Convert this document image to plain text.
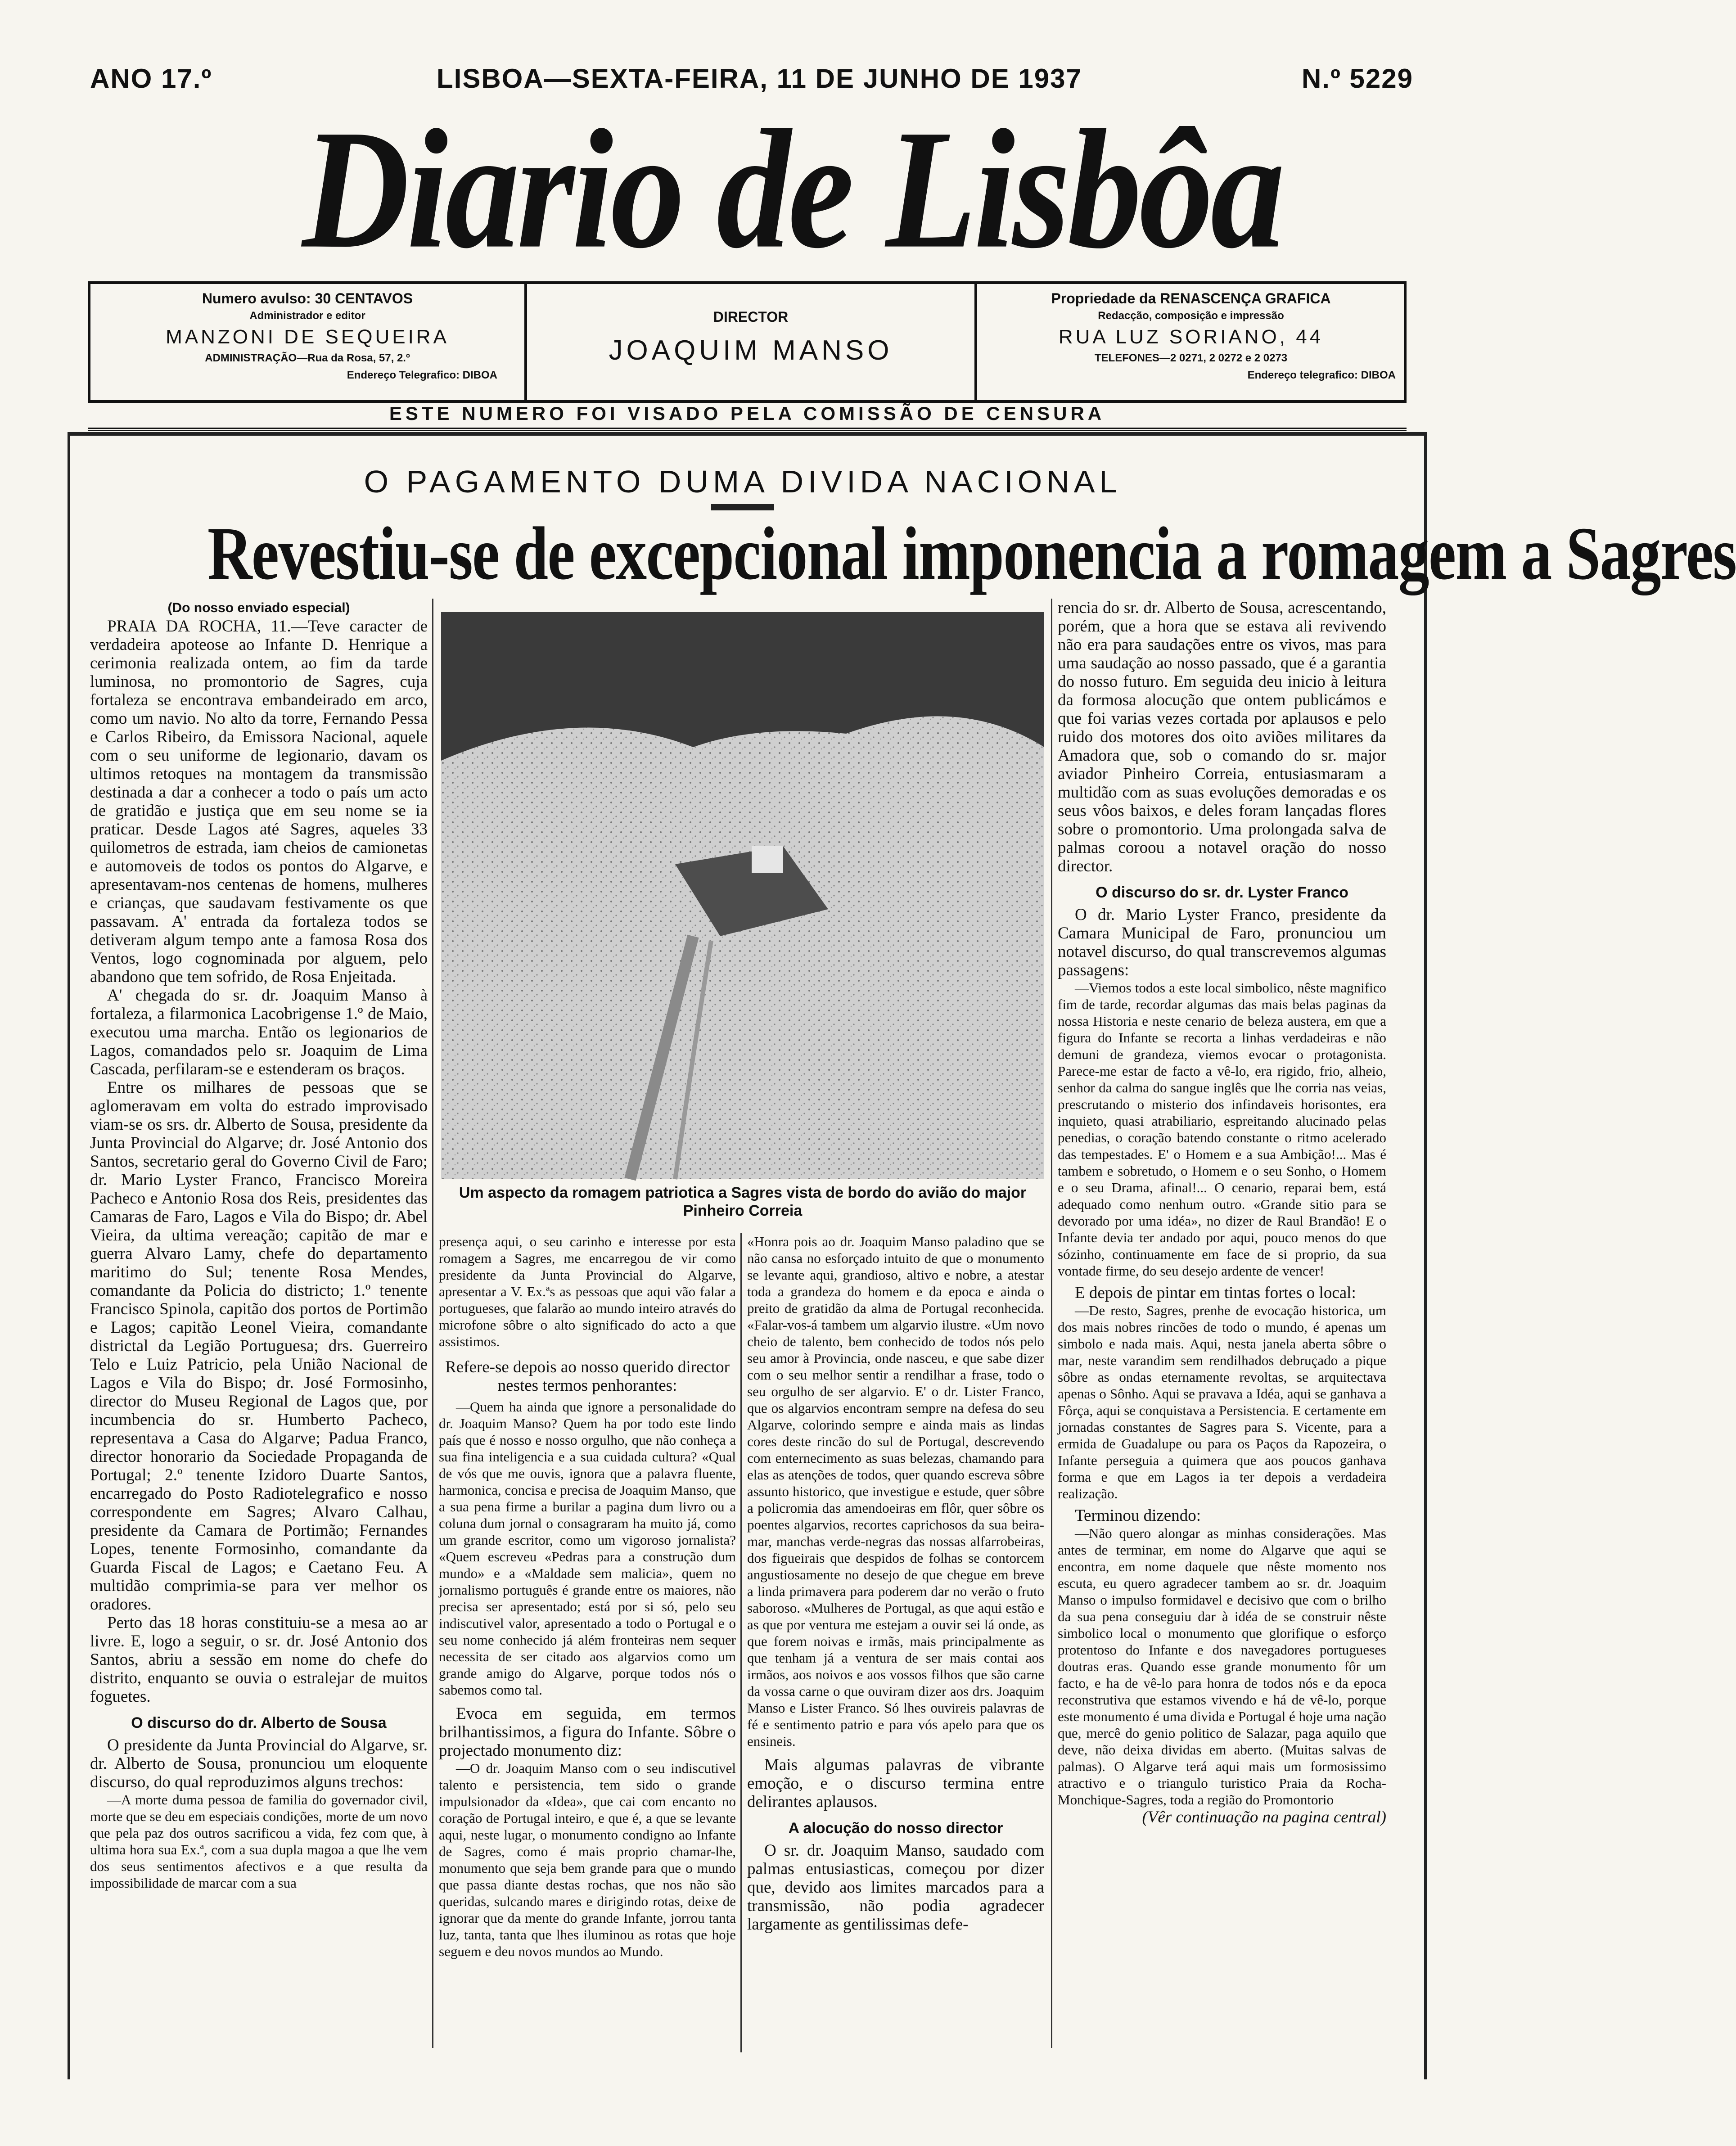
ANO 17.º	LISBOA—SEXTA-FEIRA, 11 DE JUNHO DE 1937	N.º 5229
Diario de Lisbôa
Numero avulso: 30 CENTAVOS
Administrador e editor
MANZONI DE SEQUEIRA
ADMINISTRAÇÃO—Rua da Rosa, 57, 2.º
Endereço Telegrafico: DIBOA
DIRECTOR
JOAQUIM MANSO
Propriedade da RENASCENÇA GRAFICA
Redacção, composição e impressão
RUA LUZ SORIANO, 44
TELEFONES—2 0271, 2 0272 e 2 0273
Endereço telegrafico: DIBOA
ESTE NUMERO FOI VISADO PELA COMISSÃO DE CENSURA
O PAGAMENTO DUMA DIVIDA NACIONAL
Revestiu-se de excepcional imponencia a romagem a Sagres

(Do nosso enviado especial)

PRAIA DA ROCHA, 11.—Teve caracter de verdadeira apoteose ao Infante D. Henrique a cerimonia realizada ontem, ao fim da tarde luminosa, no promontorio de Sagres, cuja fortaleza se encontrava embandeirado em arco, como um navio. No alto da torre, Fernando Pessa e Carlos Ribeiro, da Emissora Nacional, aquele com o seu uniforme de legionario, davam os ultimos retoques na montagem da transmissão destinada a dar a conhecer a todo o país um acto de gratidão e justiça que em seu nome se ia praticar. Desde Lagos até Sagres, aqueles 33 quilometros de estrada, iam cheios de camionetas e automoveis de todos os pontos do Algarve, e apresentavam-nos centenas de homens, mulheres e crianças, que saudavam festivamente os que passavam. A' entrada da fortaleza todos se detiveram algum tempo ante a famosa Rosa dos Ventos, logo cognominada por alguem, pelo abandono que tem sofrido, de Rosa Enjeitada.

A' chegada do sr. dr. Joaquim Manso à fortaleza, a filarmonica Lacobrigense 1.º de Maio, executou uma marcha. Então os legionarios de Lagos, comandados pelo sr. Joaquim de Lima Cascada, perfilaram-se e estenderam os braços.

Entre os milhares de pessoas que se aglomeravam em volta do estrado improvisado viam-se os srs. dr. Alberto de Sousa, presidente da Junta Provincial do Algarve; dr. José Antonio dos Santos, secretario geral do Governo Civil de Faro; dr. Mario Lyster Franco, Francisco Moreira Pacheco e Antonio Rosa dos Reis, presidentes das Camaras de Faro, Lagos e Vila do Bispo; dr. Abel Vieira, da ultima vereação; capitão de mar e guerra Alvaro Lamy, chefe do departamento maritimo do Sul; tenente Rosa Mendes, comandante da Policia do districto; 1.º tenente Francisco Spinola, capitão dos portos de Portimão e Lagos; capitão Leonel Vieira, comandante districtal da Legião Portuguesa; drs. Guerreiro Telo e Luiz Patricio, pela União Nacional de Lagos e Vila do Bispo; dr. José Formosinho, director do Museu Regional de Lagos que, por incumbencia do sr. Humberto Pacheco, representava a Casa do Algarve; Padua Franco, director honorario da Sociedade Propaganda de Portugal; 2.º tenente Izidoro Duarte Santos, encarregado do Posto Radiotelegrafico e nosso correspondente em Sagres; Alvaro Calhau, presidente da Camara de Portimão; Fernandes Lopes, tenente Formosinho, comandante da Guarda Fiscal de Lagos; e Caetano Feu. A multidão comprimia-se para ver melhor os oradores.

Perto das 18 horas constituiu-se a mesa ao ar livre. E, logo a seguir, o sr. dr. José Antonio dos Santos, abriu a sessão em nome do chefe do distrito, enquanto se ouvia o estralejar de muitos foguetes.

O discurso do dr. Alberto de Sousa

O presidente da Junta Provincial do Algarve, sr. dr. Alberto de Sousa, pronunciou um eloquente discurso, do qual reproduzimos alguns trechos:

—A morte duma pessoa de familia do governador civil, morte que se deu em especiais condições, morte de um novo que pela paz dos outros sacrificou a vida, fez com que, à ultima hora sua Ex.ª, com a sua dupla magoa a que lhe vem dos seus sentimentos afectivos e a que resulta da impossibilidade de marcar com a sua

Um aspecto da romagem patriotica a Sagres vista de bordo do avião do major Pinheiro Correia

presença aqui, o seu carinho e interesse por esta romagem a Sagres, me encarregou de vir como presidente da Junta Provincial do Algarve, apresentar a V. Ex.ªs as pessoas que aqui vão falar a portugueses, que falarão ao mundo inteiro através do microfone sôbre o alto significado do acto a que assistimos.

Refere-se depois ao nosso querido director nestes termos penhorantes:

—Quem ha ainda que ignore a personalidade do dr. Joaquim Manso? Quem ha por todo este lindo país que é nosso e nosso orgulho, que não conheça a sua fina inteligencia e a sua cuidada cultura? «Qual de vós que me ouvis, ignora que a palavra fluente, harmonica, concisa e precisa de Joaquim Manso, que a sua pena firme a burilar a pagina dum livro ou a coluna dum jornal o consagraram ha muito já, como um grande escritor, como um vigoroso jornalista? «Quem escreveu «Pedras para a construção dum mundo» e a «Maldade sem malicia», quem no jornalismo português é grande entre os maiores, não precisa ser apresentado; está por si só, pelo seu indiscutivel valor, apresentado a todo o Portugal e o seu nome conhecido já além fronteiras nem sequer necessita de ser citado aos algarvios como um grande amigo do Algarve, porque todos nós o sabemos como tal.

Evoca em seguida, em termos brilhantissimos, a figura do Infante. Sôbre o projectado monumento diz:

—O dr. Joaquim Manso com o seu indiscutivel talento e persistencia, tem sido o grande impulsionador da «Idea», que cai com encanto no coração de Portugal inteiro, e que é, a que se levante aqui, neste lugar, o monumento condigno ao Infante de Sagres, como é mais proprio chamar-lhe, monumento que seja bem grande para que o mundo que passa diante destas rochas, que nos não são queridas, sulcando mares e dirigindo rotas, deixe de ignorar que da mente do grande Infante, jorrou tanta luz, tanta, tanta que lhes iluminou as rotas que hoje seguem e deu novos mundos ao Mundo.

«Honra pois ao dr. Joaquim Manso paladino que se não cansa no esforçado intuito de que o monumento se levante aqui, grandioso, altivo e nobre, a atestar toda a grandeza do homem e da epoca e ainda o preito de gratidão da alma de Portugal reconhecida. «Falar-vos-á tambem um algarvio ilustre. «Um novo cheio de talento, bem conhecido de todos nós pelo seu amor à Provincia, onde nasceu, e que sabe dizer com o seu melhor sentir a rendilhar a frase, todo o seu orgulho de ser algarvio. E' o dr. Lister Franco, que os algarvios encontram sempre na defesa do seu Algarve, colorindo sempre e ainda mais as lindas cores deste rincão do sul de Portugal, descrevendo com enternecimento as suas belezas, chamando para elas as atenções de todos, quer quando escreva sôbre assunto historico, que investigue e estude, quer sôbre a policromia das amendoeiras em flôr, quer sôbre os poentes algarvios, recortes caprichosos da sua beira-mar, manchas verde-negras das nossas alfarrobeiras, dos figueirais que despidos de folhas se contorcem angustiosamente no desejo de que chegue em breve a linda primavera para poderem dar no verão o fruto saboroso. «Mulheres de Portugal, as que aqui estão e as que por ventura me estejam a ouvir sei lá onde, as que forem noivas e irmãs, mais principalmente as que tenham já a ventura de ser mais contai aos irmãos, aos noivos e aos vossos filhos que são carne da vossa carne o que ouviram dizer aos drs. Joaquim Manso e Lister Franco. Só lhes ouvireis palavras de fé e sentimento patrio e para vós apelo para que os ensineis.

Mais algumas palavras de vibrante emoção, e o discurso termina entre delirantes aplausos.

A alocução do nosso director

O sr. dr. Joaquim Manso, saudado com palmas entusiasticas, começou por dizer que, devido aos limites marcados para a transmissão, não podia agradecer largamente as gentilissimas defe-

rencia do sr. dr. Alberto de Sousa, acrescentando, porém, que a hora que se estava ali revivendo não era para saudações entre os vivos, mas para uma saudação ao nosso passado, que é a garantia do nosso futuro. Em seguida deu inicio à leitura da formosa alocução que ontem publicámos e que foi varias vezes cortada por aplausos e pelo ruido dos motores dos oito aviões militares da Amadora que, sob o comando do sr. major aviador Pinheiro Correia, entusiasmaram a multidão com as suas evoluções demoradas e os seus vôos baixos, e deles foram lançadas flores sobre o promontorio. Uma prolongada salva de palmas coroou a notavel oração do nosso director.

O discurso do sr. dr. Lyster Franco

O dr. Mario Lyster Franco, presidente da Camara Municipal de Faro, pronunciou um notavel discurso, do qual transcrevemos algumas passagens:

—Viemos todos a este local simbolico, nêste magnifico fim de tarde, recordar algumas das mais belas paginas da nossa Historia e neste cenario de beleza austera, em que a figura do Infante se recorta a linhas verdadeiras e não demuni de grandeza, viemos evocar o protagonista. Parece-me estar de facto a vê-lo, era rigido, frio, alheio, senhor da calma do sangue inglês que lhe corria nas veias, prescrutando o misterio dos infindaveis horisontes, era inquieto, quasi atrabiliario, espreitando alucinado pelas penedias, o coração batendo constante o ritmo acelerado das tempestades. E' o Homem e a sua Ambição!... Mas é tambem e sobretudo, o Homem e o seu Sonho, o Homem e o seu Drama, afinal!... O cenario, reparai bem, está adequado como nenhum outro. «Grande sitio para se devorado por uma idéa», no dizer de Raul Brandão! E o Infante devia ter andado por aqui, pouco menos do que sózinho, continuamente em face de si proprio, da sua vontade firme, do seu desejo ardente de vencer!

E depois de pintar em tintas fortes o local:

—De resto, Sagres, prenhe de evocação historica, um dos mais nobres rincões de todo o mundo, é apenas um simbolo e nada mais. Aqui, nesta janela aberta sôbre o mar, neste varandim sem rendilhados debruçado a pique sôbre as ondas eternamente revoltas, se arquitectava apenas o Sônho. Aqui se pravava a Idéa, aqui se ganhava a Fôrça, aqui se conquistava a Persistencia. E certamente em jornadas constantes de Sagres para S. Vicente, para a ermida de Guadalupe ou para os Paços da Rapozeira, o Infante perseguia a quimera que aos poucos ganhava forma e que em Lagos ia ter depois a verdadeira realização.

Terminou dizendo:

—Não quero alongar as minhas considerações. Mas antes de terminar, em nome do Algarve que aqui se encontra, em nome daquele que nêste momento nos escuta, eu quero agradecer tambem ao sr. dr. Joaquim Manso o impulso formidavel e decisivo que com o brilho da sua pena conseguiu dar à idéa de se construir nêste simbolico local o monumento que glorifique o esforço protentoso do Infante e dos navegadores portugueses doutras eras. Quando esse grande monumento fôr um facto, e ha de vê-lo para honra de todos nós e da epoca reconstrutiva que estamos vivendo e há de vê-lo, porque este monumento é uma divida e Portugal é hoje uma nação que, mercê do genio politico de Salazar, paga aquilo que deve, não deixa dividas em aberto. (Muitas salvas de palmas). O Algarve terá aqui mais um formosissimo atractivo e o triangulo turistico Praia da Rocha-Monchique-Sagres, toda a região do Promontorio

(Vêr continuação na pagina central)
